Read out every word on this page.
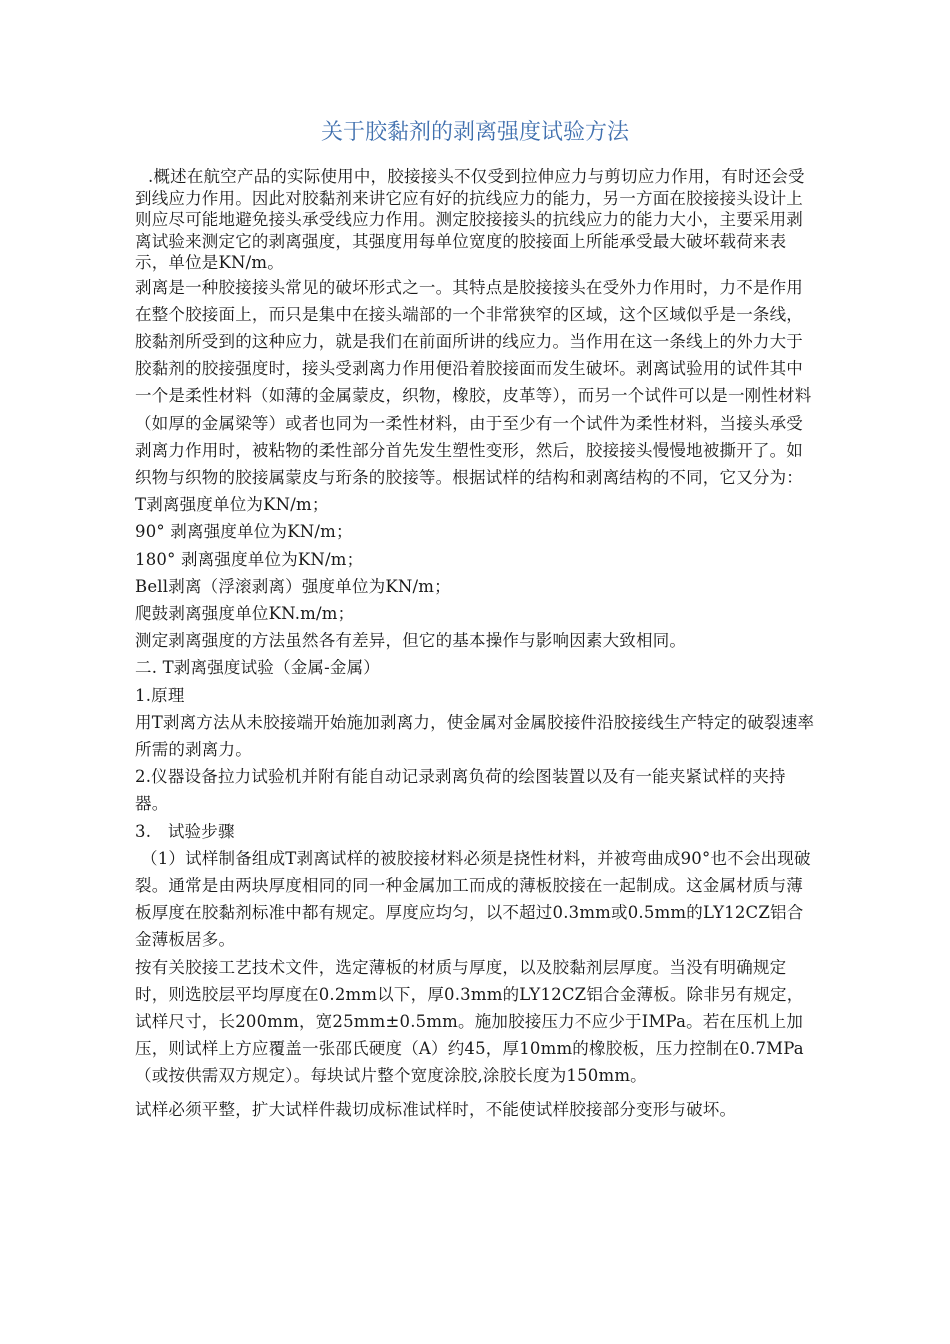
关于胶黏剂的剥离强度试验方法

.概述在航空产品的实际使用中，胶接接头不仅受到拉伸应力与剪切应力作用，有时还会受到线应力作用。因此对胶黏剂来讲它应有好的抗线应力的能力，另一方面在胶接接头设计上则应尽可能地避免接头承受线应力作用。测定胶接接头的抗线应力的能力大小，主要采用剥离试验来测定它的剥离强度，其强度用每单位宽度的胶接面上所能承受最大破坏载荷来表示，单位是KN/m。

剥离是一种胶接接头常见的破坏形式之一。其特点是胶接接头在受外力作用时，力不是作用在整个胶接面上，而只是集中在接头端部的一个非常狭窄的区域，这个区域似乎是一条线，胶黏剂所受到的这种应力，就是我们在前面所讲的线应力。当作用在这一条线上的外力大于胶黏剂的胶接强度时，接头受剥离力作用便沿着胶接面而发生破坏。剥离试验用的试件其中一个是柔性材料（如薄的金属蒙皮，织物，橡胶，皮革等），而另一个试件可以是一刚性材料（如厚的金属梁等）或者也同为一柔性材料，由于至少有一个试件为柔性材料，当接头承受剥离力作用时，被粘物的柔性部分首先发生塑性变形，然后，胶接接头慢慢地被撕开了。如织物与织物的胶接属蒙皮与珩条的胶接等。根据试样的结构和剥离结构的不同，它又分为：

T剥离强度单位为KN/m；

90° 剥离强度单位为KN/m；

180° 剥离强度单位为KN/m；

Bell剥离（浮滚剥离）强度单位为KN/m；

爬鼓剥离强度单位KN.m/m；

测定剥离强度的方法虽然各有差异，但它的基本操作与影响因素大致相同。

二. T剥离强度试验（金属-金属）

1.原理

用T剥离方法从未胶接端开始施加剥离力，使金属对金属胶接件沿胶接线生产特定的破裂速率所需的剥离力。

2.仪器设备拉力试验机并附有能自动记录剥离负荷的绘图装置以及有一能夹紧试样的夹持

器。

3.　试验步骤

（1）试样制备组成T剥离试样的被胶接材料必须是挠性材料，并被弯曲成90°也不会出现破裂。通常是由两块厚度相同的同一种金属加工而成的薄板胶接在一起制成。这金属材质与薄板厚度在胶黏剂标准中都有规定。厚度应均匀，以不超过0.3mm或0.5mm的LY12CZ铝合金薄板居多。

按有关胶接工艺技术文件，选定薄板的材质与厚度，以及胶黏剂层厚度。当没有明确规定时，则选胶层平均厚度在0.2mm以下，厚0.3mm的LY12CZ铝合金薄板。除非另有规定，试样尺寸，长200mm，宽25mm±0.5mm。施加胶接压力不应少于IMPa。若在压机上加压，则试样上方应覆盖一张邵氏硬度（A）约45，厚10mm的橡胶板，压力控制在0.7MPa（或按供需双方规定）。每块试片整个宽度涂胶,涂胶长度为150mm。

试样必须平整，扩大试样件裁切成标准试样时，不能使试样胶接部分变形与破坏。
